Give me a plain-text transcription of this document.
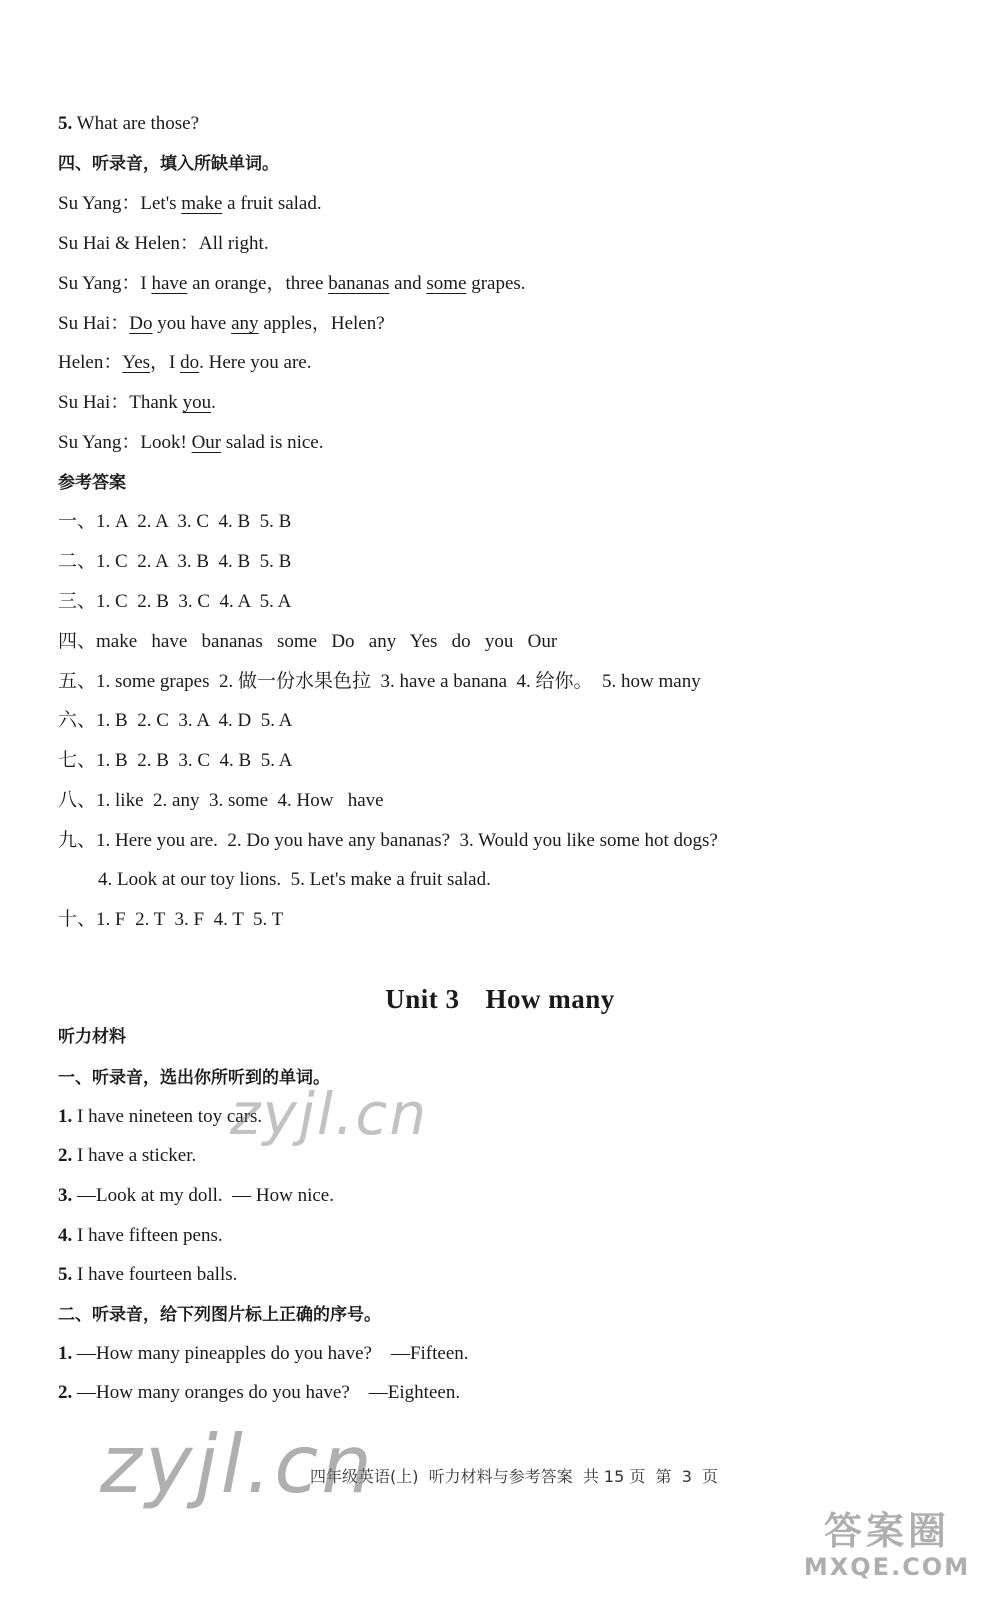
5. What are those?
四、听录音，填入所缺单词。
Su Yang：Let's make a fruit salad.
Su Hai & Helen：All right.
Su Yang：I have an orange，three bananas and some grapes.
Su Hai：Do you have any apples，Helen?
Helen：Yes，I do. Here you are.
Su Hai：Thank you.
Su Yang：Look! Our salad is nice.
参考答案
一、1. A  2. A  3. C  4. B  5. B
二、1. C  2. A  3. B  4. B  5. B
三、1. C  2. B  3. C  4. A  5. A
四、make   have   bananas   some   Do   any   Yes   do   you   Our
五、1. some grapes  2. 做一份水果色拉  3. have a banana  4. 给你。  5. how many
六、1. B  2. C  3. A  4. D  5. A
七、1. B  2. B  3. C  4. B  5. A
八、1. like  2. any  3. some  4. How   have
九、1. Here you are.  2. Do you have any bananas?  3. Would you like some hot dogs?
4. Look at our toy lions.  5. Let's make a fruit salad.
十、1. F  2. T  3. F  4. T  5. T
Unit 3 How many
听力材料
一、听录音，选出你所听到的单词。
1. I have nineteen toy cars.
2. I have a sticker.
3. —Look at my doll.  — How nice.
4. I have fifteen pens.
5. I have fourteen balls.
二、听录音，给下列图片标上正确的序号。
1. —How many pineapples do you have?    —Fifteen.
2. —How many oranges do you have?    —Eighteen.
四年级英语(上)  听力材料与参考答案  共 15 页  第  3  页
zyjl.cn
zyjl.cn
答案圈
MXQE.COM
